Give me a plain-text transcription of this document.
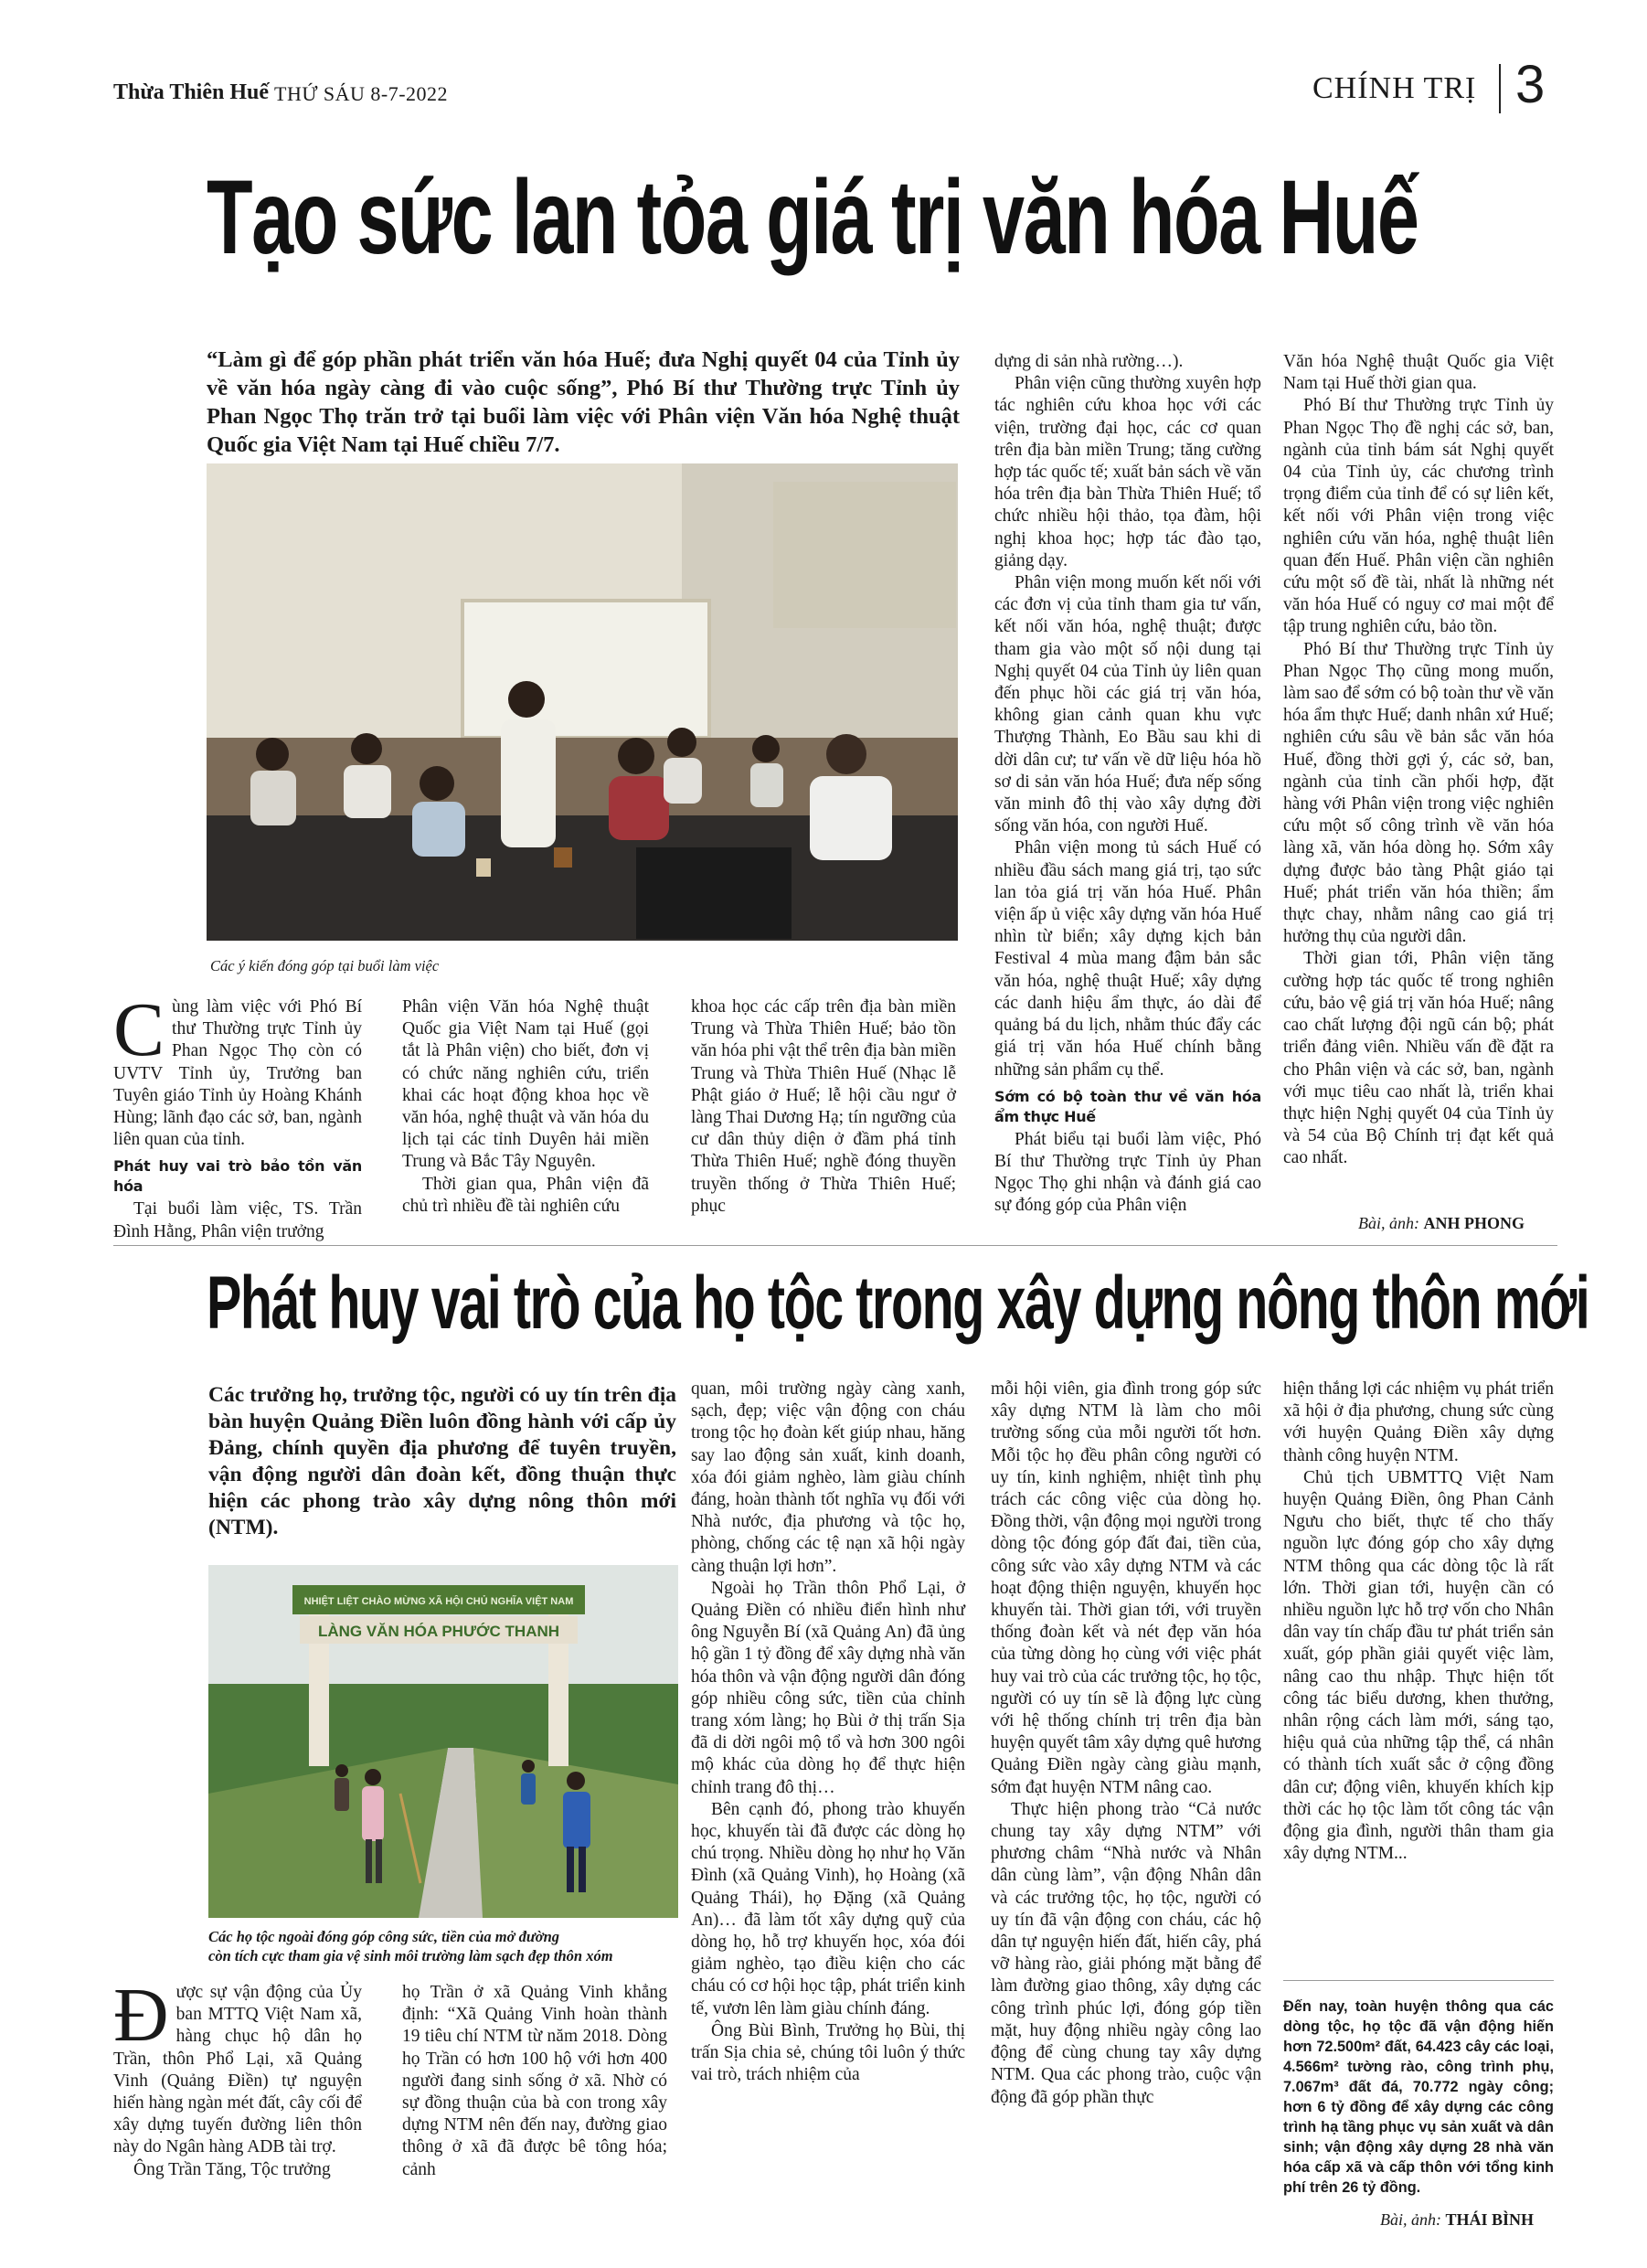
Thừa Thiên Huế THỨ SÁU 8-7-2022	CHÍNH TRỊ 3
Tạo sức lan tỏa giá trị văn hóa Huế
“Làm gì để góp phần phát triển văn hóa Huế; đưa Nghị quyết 04 của Tỉnh ủy về văn hóa ngày càng đi vào cuộc sống”, Phó Bí thư Thường trực Tỉnh ủy Phan Ngọc Thọ trăn trở tại buổi làm việc với Phân viện Văn hóa Nghệ thuật Quốc gia Việt Nam tại Huế chiều 7/7.
Các ý kiến đóng góp tại buổi làm việc

Cùng làm việc với Phó Bí thư Thường trực Tỉnh ủy Phan Ngọc Thọ còn có UVTV Tỉnh ủy, Trưởng ban Tuyên giáo Tỉnh ủy Hoàng Khánh Hùng; lãnh đạo các sở, ban, ngành liên quan của tỉnh.

Phát huy vai trò bảo tồn văn hóa

Tại buổi làm việc, TS. Trần Đình Hằng, Phân viện trưởng

Phân viện Văn hóa Nghệ thuật Quốc gia Việt Nam tại Huế (gọi tắt là Phân viện) cho biết, đơn vị có chức năng nghiên cứu, triển khai các hoạt động khoa học về văn hóa, nghệ thuật và văn hóa du lịch tại các tỉnh Duyên hải miền Trung và Bắc Tây Nguyên.

Thời gian qua, Phân viện đã chủ trì nhiều đề tài nghiên cứu

khoa học các cấp trên địa bàn miền Trung và Thừa Thiên Huế; bảo tồn văn hóa phi vật thể trên địa bàn miền Trung và Thừa Thiên Huế (Nhạc lễ Phật giáo ở Huế; lễ hội cầu ngư ở làng Thai Dương Hạ; tín ngưỡng của cư dân thủy diện ở đầm phá tỉnh Thừa Thiên Huế; nghề đóng thuyền truyền thống ở Thừa Thiên Huế; phục

dựng di sản nhà rường…).

Phân viện cũng thường xuyên hợp tác nghiên cứu khoa học với các viện, trường đại học, các cơ quan trên địa bàn miền Trung; tăng cường hợp tác quốc tế; xuất bản sách về văn hóa trên địa bàn Thừa Thiên Huế; tổ chức nhiều hội thảo, tọa đàm, hội nghị khoa học; hợp tác đào tạo, giảng dạy.

Phân viện mong muốn kết nối với các đơn vị của tỉnh tham gia tư vấn, kết nối văn hóa, nghệ thuật; được tham gia vào một số nội dung tại Nghị quyết 04 của Tỉnh ủy liên quan đến phục hồi các giá trị văn hóa, không gian cảnh quan khu vực Thượng Thành, Eo Bầu sau khi di dời dân cư; tư vấn về dữ liệu hóa hồ sơ di sản văn hóa Huế; đưa nếp sống văn minh đô thị vào xây dựng đời sống văn hóa, con người Huế.

Phân viện mong tủ sách Huế có nhiều đầu sách mang giá trị, tạo sức lan tỏa giá trị văn hóa Huế. Phân viện ấp ủ việc xây dựng văn hóa Huế nhìn từ biển; xây dựng kịch bản Festival 4 mùa mang đậm bản sắc văn hóa, nghệ thuật Huế; xây dựng các danh hiệu ẩm thực, áo dài để quảng bá du lịch, nhằm thúc đẩy các giá trị văn hóa Huế chính bằng những sản phẩm cụ thể.

Sớm có bộ toàn thư về văn hóa ẩm thực Huế

Phát biểu tại buổi làm việc, Phó Bí thư Thường trực Tỉnh ủy Phan Ngọc Thọ ghi nhận và đánh giá cao sự đóng góp của Phân viện

Văn hóa Nghệ thuật Quốc gia Việt Nam tại Huế thời gian qua.

Phó Bí thư Thường trực Tỉnh ủy Phan Ngọc Thọ đề nghị các sở, ban, ngành của tỉnh bám sát Nghị quyết 04 của Tỉnh ủy, các chương trình trọng điểm của tỉnh để có sự liên kết, kết nối với Phân viện trong việc nghiên cứu văn hóa, nghệ thuật liên quan đến Huế. Phân viện cần nghiên cứu một số đề tài, nhất là những nét văn hóa Huế có nguy cơ mai một để tập trung nghiên cứu, bảo tồn.

Phó Bí thư Thường trực Tỉnh ủy Phan Ngọc Thọ cũng mong muốn, làm sao để sớm có bộ toàn thư về văn hóa ẩm thực Huế; danh nhân xứ Huế; nghiên cứu sâu về bản sắc văn hóa Huế, đồng thời gợi ý, các sở, ban, ngành của tỉnh cần phối hợp, đặt hàng với Phân viện trong việc nghiên cứu một số công trình về văn hóa làng xã, văn hóa dòng họ. Sớm xây dựng được bảo tàng Phật giáo tại Huế; phát triển văn hóa thiền; ẩm thực chay, nhằm nâng cao giá trị hưởng thụ của người dân.

Thời gian tới, Phân viện tăng cường hợp tác quốc tế trong nghiên cứu, bảo vệ giá trị văn hóa Huế; nâng cao chất lượng đội ngũ cán bộ; phát triển đảng viên. Nhiều vấn đề đặt ra cho Phân viện và các sở, ban, ngành với mục tiêu cao nhất là, triển khai thực hiện Nghị quyết 04 của Tỉnh ủy và 54 của Bộ Chính trị đạt kết quả cao nhất.

Bài, ảnh: ANH PHONG
Phát huy vai trò của họ tộc trong xây dựng nông thôn mới
Các trưởng họ, trưởng tộc, người có uy tín trên địa bàn huyện Quảng Điền luôn đồng hành với cấp ủy Đảng, chính quyền địa phương để tuyên truyền, vận động người dân đoàn kết, đồng thuận thực hiện các phong trào xây dựng nông thôn mới (NTM).
NHIỆT LIỆT CHÀO MỪNG XÃ HỘI CHỦ NGHĨA VIỆT NAM
LÀNG VĂN HÓA PHƯỚC THANH
Các họ tộc ngoài đóng góp công sức, tiền của mở đường
còn tích cực tham gia vệ sinh môi trường làm sạch đẹp thôn xóm

Được sự vận động của Ủy ban MTTQ Việt Nam xã, hàng chục hộ dân họ Trần, thôn Phổ Lại, xã Quảng Vinh (Quảng Điền) tự nguyện hiến hàng ngàn mét đất, cây cối để xây dựng tuyến đường liên thôn này do Ngân hàng ADB tài trợ.

Ông Trần Tăng, Tộc trưởng

họ Trần ở xã Quảng Vinh khẳng định: “Xã Quảng Vinh hoàn thành 19 tiêu chí NTM từ năm 2018. Dòng họ Trần có hơn 100 hộ với hơn 400 người đang sinh sống ở xã. Nhờ có sự đồng thuận của bà con trong xây dựng NTM nên đến nay, đường giao thông ở xã đã được bê tông hóa; cảnh

quan, môi trường ngày càng xanh, sạch, đẹp; việc vận động con cháu trong tộc họ đoàn kết giúp nhau, hăng say lao động sản xuất, kinh doanh, xóa đói giảm nghèo, làm giàu chính đáng, hoàn thành tốt nghĩa vụ đối với Nhà nước, địa phương và tộc họ, phòng, chống các tệ nạn xã hội ngày càng thuận lợi hơn”.

Ngoài họ Trần thôn Phổ Lại, ở Quảng Điền có nhiều điển hình như ông Nguyễn Bí (xã Quảng An) đã ủng hộ gần 1 tỷ đồng để xây dựng nhà văn hóa thôn và vận động người dân đóng góp nhiều công sức, tiền của chỉnh trang xóm làng; họ Bùi ở thị trấn Sịa đã di dời ngôi mộ tổ và hơn 300 ngôi mộ khác của dòng họ để thực hiện chỉnh trang đô thị…

Bên cạnh đó, phong trào khuyến học, khuyến tài đã được các dòng họ chú trọng. Nhiều dòng họ như họ Văn Đình (xã Quảng Vinh), họ Hoàng (xã Quảng Thái), họ Đặng (xã Quảng An)… đã làm tốt xây dựng quỹ của dòng họ, hỗ trợ khuyến học, xóa đói giảm nghèo, tạo điều kiện cho các cháu có cơ hội học tập, phát triển kinh tế, vươn lên làm giàu chính đáng.

Ông Bùi Bình, Trưởng họ Bùi, thị trấn Sịa chia sẻ, chúng tôi luôn ý thức vai trò, trách nhiệm của

mỗi hội viên, gia đình trong góp sức xây dựng NTM là làm cho môi trường sống của mỗi người tốt hơn. Mỗi tộc họ đều phân công người có uy tín, kinh nghiệm, nhiệt tình phụ trách các công việc của dòng họ. Đồng thời, vận động mọi người trong dòng tộc đóng góp đất đai, tiền của, công sức vào xây dựng NTM và các hoạt động thiện nguyện, khuyến học khuyến tài. Thời gian tới, với truyền thống đoàn kết và nét đẹp văn hóa của từng dòng họ cùng với việc phát huy vai trò của các trưởng tộc, họ tộc, người có uy tín sẽ là động lực cùng với hệ thống chính trị trên địa bàn huyện quyết tâm xây dựng quê hương Quảng Điền ngày càng giàu mạnh, sớm đạt huyện NTM nâng cao.

Thực hiện phong trào “Cả nước chung tay xây dựng NTM” với phương châm “Nhà nước và Nhân dân cùng làm”, vận động Nhân dân và các trưởng tộc, họ tộc, người có uy tín đã vận động con cháu, các hộ dân tự nguyện hiến đất, hiến cây, phá vỡ hàng rào, giải phóng mặt bằng để làm đường giao thông, xây dựng các công trình phúc lợi, đóng góp tiền mặt, huy động nhiều ngày công lao động để cùng chung tay xây dựng NTM. Qua các phong trào, cuộc vận động đã góp phần thực

hiện thắng lợi các nhiệm vụ phát triển xã hội ở địa phương, chung sức cùng với huyện Quảng Điền xây dựng thành công huyện NTM.

Chủ tịch UBMTTQ Việt Nam huyện Quảng Điền, ông Phan Cảnh Ngưu cho biết, thực tế cho thấy nguồn lực đóng góp cho xây dựng NTM thông qua các dòng tộc là rất lớn. Thời gian tới, huyện cần có nhiều nguồn lực hỗ trợ vốn cho Nhân dân vay tín chấp đầu tư phát triển sản xuất, góp phần giải quyết việc làm, nâng cao thu nhập. Thực hiện tốt công tác biểu dương, khen thưởng, nhân rộng cách làm mới, sáng tạo, hiệu quả của những tập thể, cá nhân có thành tích xuất sắc ở cộng đồng dân cư; động viên, khuyến khích kịp thời các họ tộc làm tốt công tác vận động gia đình, người thân tham gia xây dựng NTM...

Đến nay, toàn huyện thông qua các dòng tộc, họ tộc đã vận động hiến hơn 72.500m² đất, 64.423 cây các loại, 4.566m² tường rào, công trình phụ, 7.067m³ đất đá, 70.772 ngày công; hơn 6 tỷ đồng để xây dựng các công trình hạ tầng phục vụ sản xuất và dân sinh; vận động xây dựng 28 nhà văn hóa cấp xã và cấp thôn với tổng kinh phí trên 26 tỷ đồng.
Bài, ảnh: THÁI BÌNH
